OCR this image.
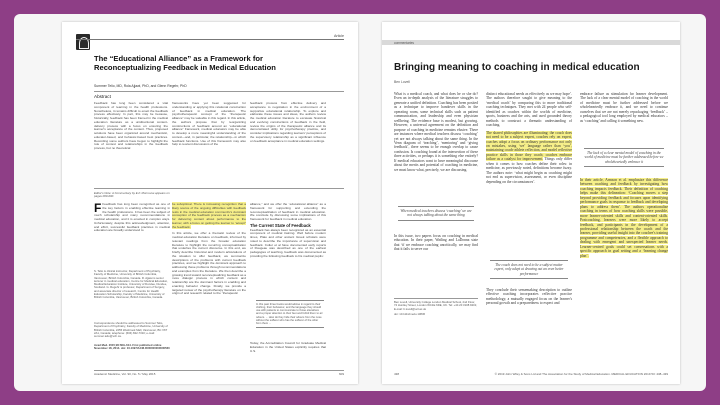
Article
The “Educational Alliance” as a Framework for Reconceptualizing Feedback in Medical Education
Summer Telio, MD, Rola Ajjawi, PhD, and Glenn Regehr, PhD
Abstract
Feedback has long been considered a vital component of learning in the health professions. Nonetheless, it remains difficult to enact the feedback process effectively. In part, this may be because, historically, feedback has been framed in the medical education literature as a unidirectional content-delivery process with a focus on ensuring the learner's acceptance of the content. Thus, proposed solutions have been organized around mechanistic, educator-based, and behavior-based best practices. Recording some authors have begun to highlight the role of context and relationships in the feedback process, but no theoretical
frameworks have yet been suggested for understanding or applying this relational construction of feedback in medical education. The psychotherapeutic concept of the “therapeutic alliance” may be valuable in this regard. In this article, the authors propose that by reorganizing constructions of feedback around an “educational alliance” framework, medical educators may be able to develop a more meaningful understanding of the context—and, in particular, the relationship—in which feedback functions. Use of this framework may also help to reorient discussions of the
feedback process from effective delivery and acceptance to negotiation in the environment of a supportive educational relationship. To explore and elaborate these issues and ideas, the authors review the medical education literature to excavate historical and evolving constructions of feedback in the field, review the origins of the therapeutic alliance and its demonstrated utility for psychotherapy practice, and consider implications regarding learners' perceptions of the supervisory relationship as a significant influence on feedback acceptance in medical education settings.
Editor's Note: A Commentary by E.F. Monrouxe appears on pages 000-000.
F Feedback has long been recognized as one of the key factors in enabling effective learning in the health professions. It has been the subject of much scholarship and many recommendations in medical education, and it is enacted in complex ways. Unfortunately, despite this acknowledgment, attention, and effort, successful feedback practices in medical education are broadly understood to
S. Telio is clinical instructor, Department of Psychiatry, Faculty of Medicine, University of British Columbia, Vancouver, British Columbia, Canada. R. Ajjawi is senior lecturer in medical education, Centre for Medical Education, Medical Education Institute, University of Dundee, Dundee, Scotland. G. Regehr is professor, Department of Surgery, and associate director of research, Centre for Health Education Scholarship, Faculty of Medicine, University of British Columbia, Vancouver, British Columbia, Canada.
Correspondence should be addressed to Summer Telio, Department of Psychiatry, Faculty of Medicine, University of British Columbia, 2255 Wesbrook Mall, Vancouver, BC V6T 2A1, Canada; telephone: (604) 822-7310; e-mail: summer.telio@vch.ca.
Acad Med. 2015;90:609–614. First published online November 18, 2014. doi: 10.1097/ACM.0000000000000560
be suboptimal. There is increasing recognition that a likely source of the ongoing difficulties with feedback rests in the medical education community's dominant conception of the feedback process as a mechanism for delivering content about performance to the learner, with a focus on getting the learner to “accept” the feedback.
In this article, we offer a thematic review of the medical education literature on feedback, informed by relevant readings from the broader education literature to highlight the recurring conceptualization that underlies the current discourse. In this end, we briefly describe historical and modern articulations of the situation to offer feedback, we summarize descriptions of the problems with current feedback practices, and we highlight the dominant approach to addressing these problems through recommendations and examples from the literature. We then describe a growing trend toward reconceptualizing feedback as a more dialogic process in which content and relationship are the dominant factors in enabling and enacting behavior change. Finally, we provide a targeted review of the psychotherapy literature on the origin of and research related to the “therapeutic
alliance,” and we offer the “educational alliance” as a framework for supporting and extending the reconceptualization of feedback in medical education. We conclude by discussing some implications of this framework for feedback in medical education.
The Current State of Feedback
Feedback has always been recognized as an essential component of medical training. Well before modern times, Plato and other ancient Greek scholars were noted to describe the importance of supervision and feedback. Cutler et al have documented early reports of Rougeau was described as one of the earliest pedagogies of teaching, feedback was documented as providing the following feedback to his medical pupils:
In this past three books would advise in regard to their clothing, their behaviour, and the language they should use with patients to communicate to those elsewhere and a proper attention to their feet and forbid them to air odours. ... How do they hide their odours from the nose without the sufferer who has the sufferer of the other from them ...
Today, the Accreditation Council for Graduate Medical Education in the United States explicitly requires that U.S.
Academic Medicine, Vol. 90, No. 5 / May 2015	609
commentaries
Bringing meaning to coaching in medical education
Ben Lovell
What is a medical coach, and what does he or she do? Even an in-depth analysis of the literature struggles to generate a unified definition. Coaching has been posited as a technique to improve handover skills in the operating room, some technical skills such as patient communication, and leadership and even physician wellbeing. The evidence base is modest, but growing. However, a universal agreement on the definition and purpose of coaching in medicine remains elusive. There are instances where medical teachers discuss ‘coaching’ yet are not always talking about the same thing. In the Venn diagram of ‘teaching’, ‘mentoring’ and ‘giving feedback’, there seems to be enough overlap to cause confusion. Is coaching found at the intersection of these three activities, or perhaps it is something else entirely? If medical educators want to have meaningful discourse about the merits and potential of coaching in medicine, we must know what, precisely, we are discussing.
When medical teachers discuss ‘coaching’ we are not always talking about the same thing
In this issue, two papers focus on coaching in medical education. In their paper, Watling and LaDonna state that ‘if we embrace coaching uncritically, we may find that it fails to serve our
Ben Lovell, University College London Medical School, 2nd Floor, 74 Huntley Street, London WC1E 6DE, UK. Tel: +44 20 3108 9201; E-mail: b.lovell@ucl.ac.uk
doi: 10.1111/medu.13836
distinct educational needs as effectively as we may hope’. The authors therefore sought to give meaning to the ‘medical coach’ by comparing this to more traditional coaching techniques. They met with 24 people who self-identified as coaches within the worlds of medicine, sports, business and the arts, and used grounded theory methods to construct a thematic understanding of coaching.
The shared philosophies are illuminating: the coach does not need to be a subject expert, coaches rely on expert, coaches adopt a focus on ordinary performance not only on mistakes, using ‘we’ language rather than ‘you’, maintaining coach-athlete reflection, and model reflective practice skills in those they coach; coaches embrace failure as a catalyst for improvement. Things only differ when it comes to how coaches define their roles: in medicine, as previously noted, definitions become fuzzy. The authors note: ‘what might begin as coaching might not end as supervision, assessment, or even discipline depending on the circumstances’.
The coach does not need to be a subject matter expert, only adept at drawing out an even better performance
They conclude their sensemaking description to outline effective coaching incorporates reflective practice methodology, a mutually engaged focus on the learner's personal growth and a preparedness to expect and
embrace failure as stimulation for learner development. The lack of a clear mental model of coaching in the world of medicine must be further addressed before we wholeheartedly embrace it, and we need to continue ourselves that we are not merely repackaging ‘feedback’ – a pedagogical tool long employed by medical educators – as ‘coaching’ and calling it something new.
The lack of a clear mental model of coaching in the world of medicine must be further addressed before we wholeheartedly embrace it
In their article, Armson et al. emphasize this difference between coaching and feedback by investigating how coaching impacts feedback. Their definition of coaching helps make this delineation: ‘Coaching moves a step beyond providing feedback and focuses upon identifying performance goals in response to feedback and developing plans to address them’. The authors operationalize coaching in terms of how coaching skills were possible, more learner-oriented skills and content-oriented skills. Postcoaching, learners were more likely to accept feedback, and participants in the development of a professional relationship between the coach and the learner, providing useful insight into the coachee's training programme and competencies, and a flexible approach to dealing with emergent and unexpected learner needs. Learner-centred goals could set conversations with a specific approach in goal setting and a ‘learning change plan’.
438	© 2019 John Wiley & Sons Ltd and The Association for the Study of Medical Education. MEDICAL EDUCATION 2019 53: 438–439
